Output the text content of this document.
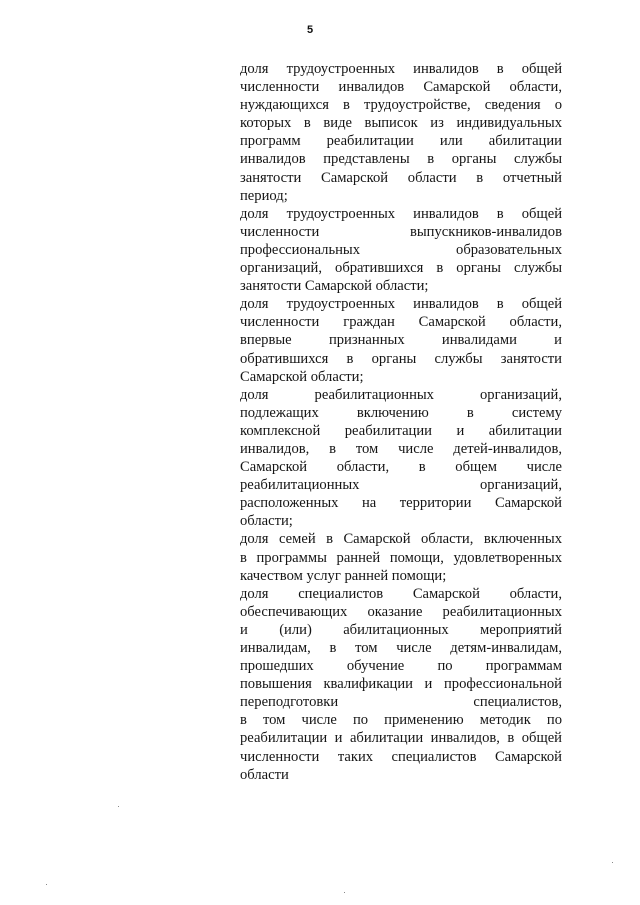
5
доля трудоустроенных инвалидов в общей
численности инвалидов Самарской области,
нуждающихся в трудоустройстве, сведения о
которых в виде выписок из индивидуальных
программ реабилитации или абилитации
инвалидов представлены в органы службы
занятости Самарской области в отчетный
период;
доля трудоустроенных инвалидов в общей
численности выпускников-инвалидов
профессиональных образовательных
организаций, обратившихся в органы службы
занятости Самарской области;
доля трудоустроенных инвалидов в общей
численности граждан Самарской области,
впервые признанных инвалидами и
обратившихся в органы службы занятости
Самарской области;
доля реабилитационных организаций,
подлежащих включению в систему
комплексной реабилитации и абилитации
инвалидов, в том числе детей-инвалидов,
Самарской области, в общем числе
реабилитационных организаций,
расположенных на территории Самарской
области;
доля семей в Самарской области, включенных
в программы ранней помощи, удовлетворенных
качеством услуг ранней помощи;
доля специалистов Самарской области,
обеспечивающих оказание реабилитационных
и (или) абилитационных мероприятий
инвалидам, в том числе детям-инвалидам,
прошедших обучение по программам
повышения квалификации и профессиональной
переподготовки специалистов,
в том числе по применению методик по
реабилитации и абилитации инвалидов, в общей
численности таких специалистов Самарской
области
